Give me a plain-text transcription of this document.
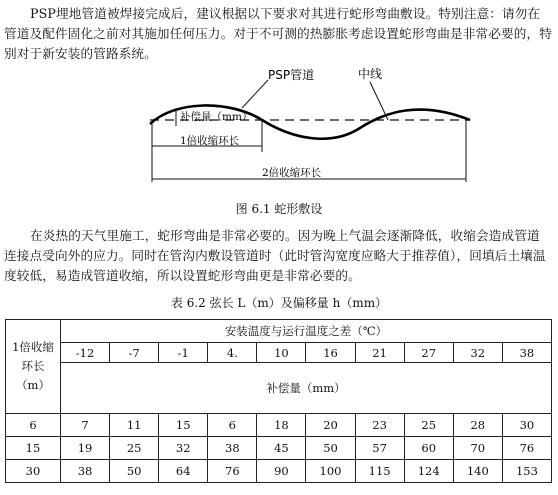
PSP埋地管道被焊接完成后，建议根据以下要求对其进行蛇形弯曲敷设。特别注意：请勿在管道及配件固化之前对其施加任何压力。对于不可测的热膨胀考虑设置蛇形弯曲是非常必要的，特别对于新安装的管路系统。

PSP管道	中线
补偿量（mm）
1倍收缩环长
2倍收缩环长
图 6.1 蛇形敷设

在炎热的天气里施工，蛇形弯曲是非常必要的。因为晚上气温会逐渐降低，收缩会造成管道连接点受向外的应力。同时在管沟内敷设管道时（此时管沟宽度应略大于推荐值），回填后土壤温度较低，易造成管道收缩，所以设置蛇形弯曲更是非常必要的。

表 6.2 弦长 L（m）及偏移量 h（mm）
1倍收缩环长（m）	安装温度与运行温度之差（℃）									
	-12	-7	-1	4.	10	16	21	27	32	38
	补偿量（mm）									
6	7	11	15	6	18	20	23	25	28	30
15	19	25	32	38	45	50	57	60	70	76
30	38	50	64	76	90	100	115	124	140	153
